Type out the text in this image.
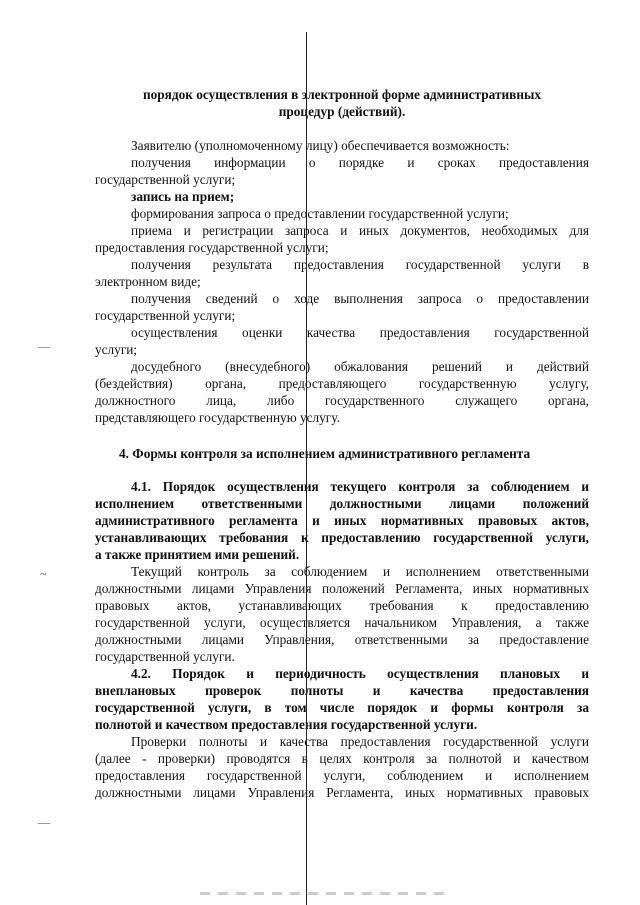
порядок осуществления в электронной форме административных
процедур (действий).
Заявителю (уполномоченному лицу) обеспечивается возможность:
получения информации о порядке и сроках предоставления
государственной услуги;
запись на прием;
формирования запроса о предоставлении государственной услуги;
приема и регистрации запроса и иных документов, необходимых для
предоставления государственной услуги;
получения результата предоставления государственной услуги в
электронном виде;
получения сведений о ходе выполнения запроса о предоставлении
государственной услуги;
осуществления оценки качества предоставления государственной
услуги;
досудебного (внесудебного) обжалования решений и действий
(бездействия) органа, предоставляющего государственную услугу,
должностного лица, либо государственного служащего органа,
представляющего государственную услугу.
4. Формы контроля за исполнением административного регламента
4.1. Порядок осуществления текущего контроля за соблюдением и
исполнением ответственными должностными лицами положений
административного регламента и иных нормативных правовых актов,
устанавливающих требования к предоставлению государственной услуги,
а также принятием ими решений.
Текущий контроль за соблюдением и исполнением ответственными
должностными лицами Управления положений Регламента, иных нормативных
правовых актов, устанавливающих требования к предоставлению
государственной услуги, осуществляется начальником Управления, а также
должностными лицами Управления, ответственными за предоставление
государственной услуги.
4.2. Порядок и периодичность осуществления плановых и
внеплановых проверок полноты и качества предоставления
государственной услуги, в том числе порядок и формы контроля за
полнотой и качеством предоставления государственной услуги.
Проверки полноты и качества предоставления государственной услуги
(далее - проверки) проводятся в целях контроля за полнотой и качеством
предоставления государственной услуги, соблюдением и исполнением
должностными лицами Управления Регламента, иных нормативных правовых
—
~
—
